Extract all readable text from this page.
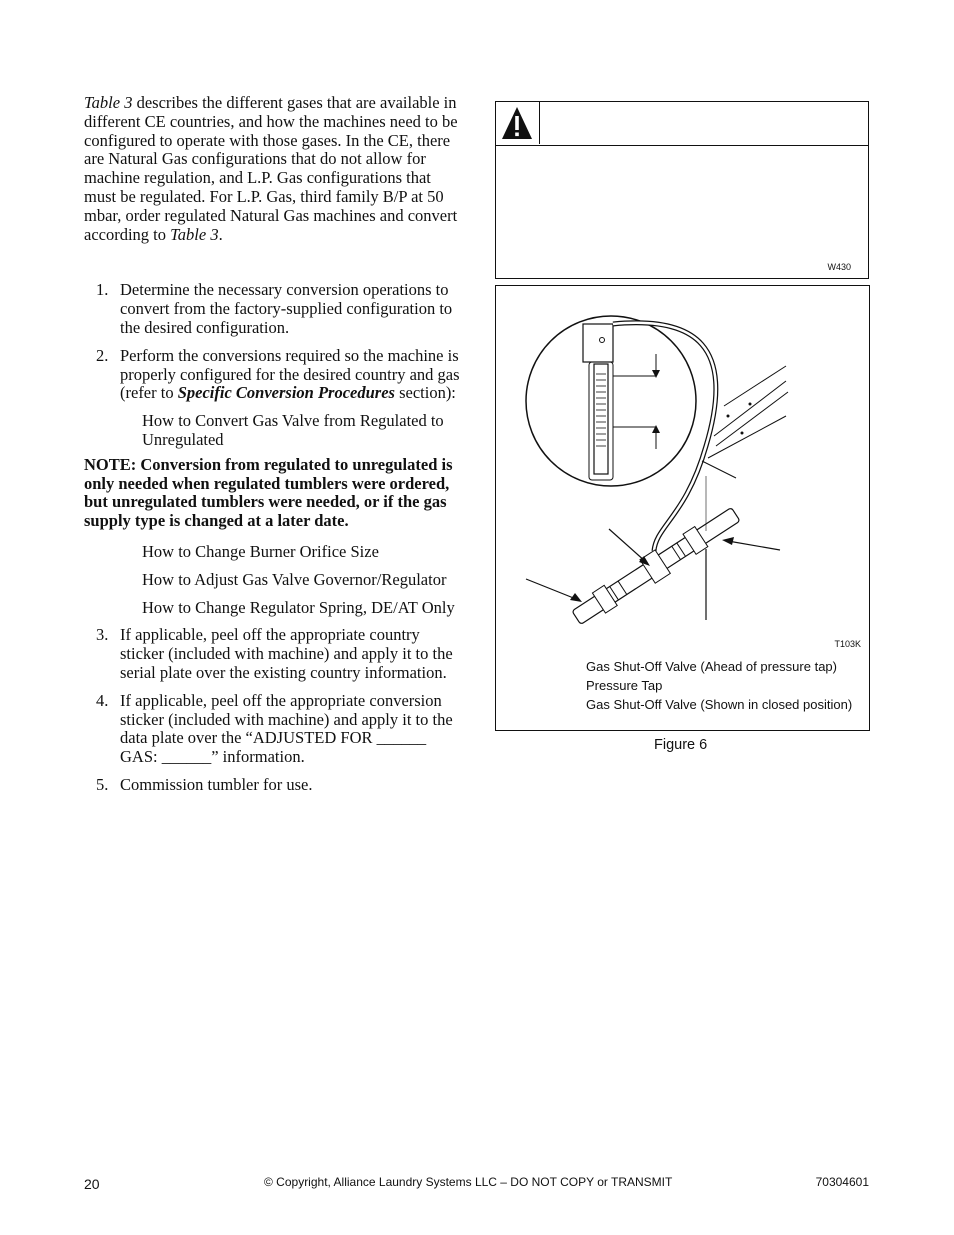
Table 3 describes the different gases that are available in different CE countries, and how the machines need to be configured to operate with those gases. In the CE, there are Natural Gas configurations that do not allow for machine regulation, and L.P. Gas configurations that must be regulated. For L.P. Gas, third family B/P at 50 mbar, order regulated Natural Gas machines and convert according to Table 3.

1. Determine the necessary conversion operations to convert from the factory-supplied configuration to the desired configuration.
2. Perform the conversions required so the machine is properly configured for the desired country and gas (refer to Specific Conversion Procedures section):

How to Convert Gas Valve from Regulated to Unregulated

NOTE: Conversion from regulated to unregulated is only needed when regulated tumblers were ordered, but unregulated tumblers were needed, or if the gas supply type is changed at a later date.

How to Change Burner Orifice Size

How to Adjust Gas Valve Governor/Regulator

How to Change Regulator Spring, DE/AT Only

3. If applicable, peel off the appropriate country sticker (included with machine) and apply it to the serial plate over the existing country information.
4. If applicable, peel off the appropriate conversion sticker (included with machine) and apply it to the data plate over the “ADJUSTED FOR ______ GAS: ______” information.
5. Commission tumbler for use.
W430
T103K
Gas Shut-Off Valve (Ahead of pressure tap)
Pressure Tap
Gas Shut-Off Valve (Shown in closed position)
Figure 6
20	© Copyright, Alliance Laundry Systems LLC – DO NOT COPY or TRANSMIT	70304601
